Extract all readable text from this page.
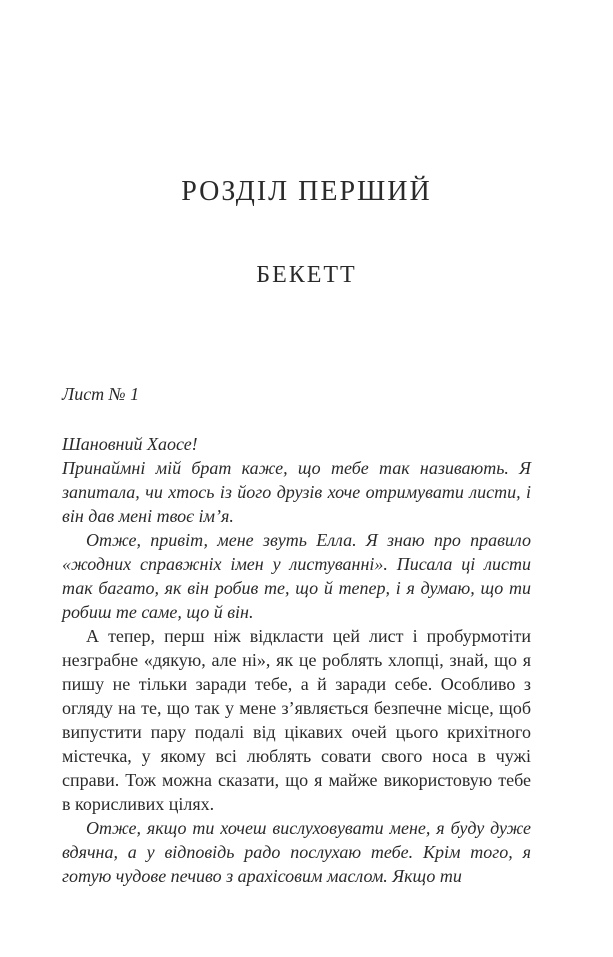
РОЗДІЛ ПЕРШИЙ
БЕКЕТТ

Лист № 1

Шановний Хаосе!

Принаймні мій брат каже, що тебе так називають. Я запитала, чи хтось із його друзів хоче отримувати листи, і він дав мені твоє ім’я.

Отже, привіт, мене звуть Елла. Я знаю про правило «жодних справжніх імен у листуванні». Писала ці листи так багато, як він робив те, що й тепер, і я думаю, що ти робиш те саме, що й він.

А тепер, перш ніж відкласти цей лист і пробурмотіти незграбне «дякую, але ні», як це роблять хлопці, знай, що я пишу не тільки заради тебе, а й заради себе. Особливо з огляду на те, що так у мене з’являється безпечне місце, щоб випустити пару подалі від цікавих очей цього крихітного містечка, у якому всі люблять совати свого носа в чужі справи. Тож можна сказати, що я майже використовую тебе в корисливих цілях.

Отже, якщо ти хочеш вислуховувати мене, я буду дуже вдячна, а у відповідь радо послухаю тебе. Крім того, я готую чудове печиво з арахісовим маслом. Якщо ти
